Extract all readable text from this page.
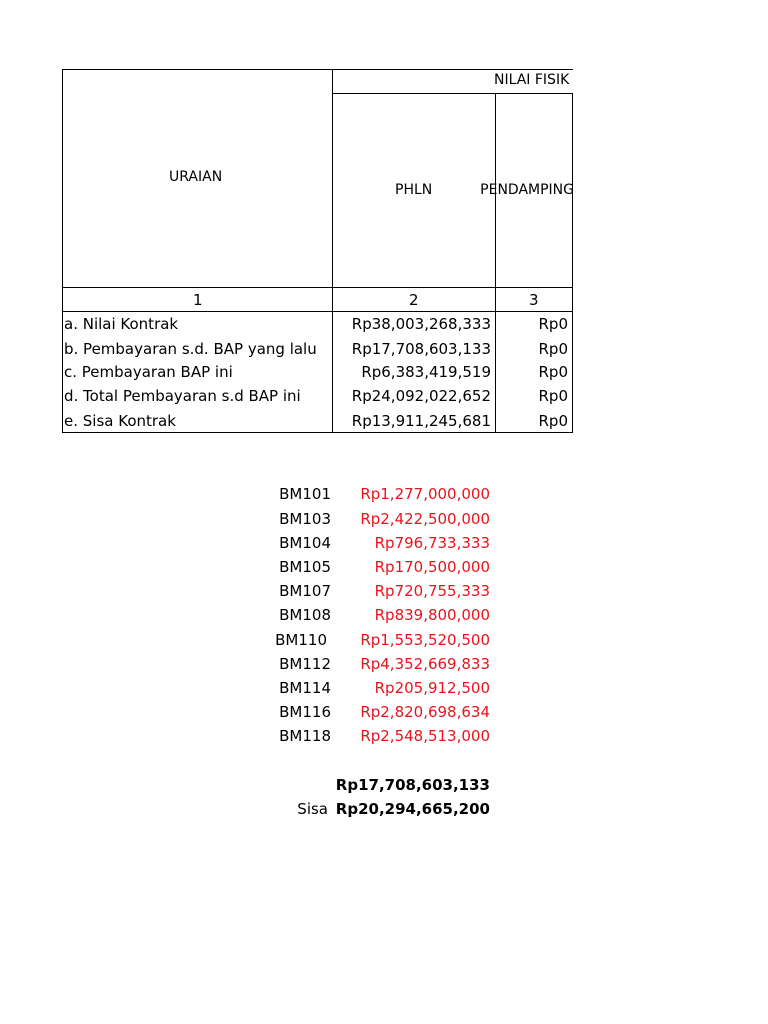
NILAI FISIK
URAIAN
PHLN	PENDAMPING
1	2	3
a. Nilai Kontrak	Rp38,003,268,333	Rp0
b. Pembayaran s.d. BAP yang lalu Rp17,708,603,133	Rp0
c. Pembayaran BAP ini	Rp6,383,419,519	Rp0
d. Total Pembayaran s.d BAP ini	Rp24,092,022,652	Rp0
e. Sisa Kontrak	Rp13,911,245,681	Rp0
BM101 Rp1,277,000,000
BM103 Rp2,422,500,000
BM104	Rp796,733,333
BM105	Rp170,500,000
BM107	Rp720,755,333
BM108	Rp839,800,000
BM110 Rp1,553,520,500
BM112 Rp4,352,669,833
BM114	Rp205,912,500
BM116 Rp2,820,698,634
BM118 Rp2,548,513,000
Rp17,708,603,133
Sisa Rp20,294,665,200
